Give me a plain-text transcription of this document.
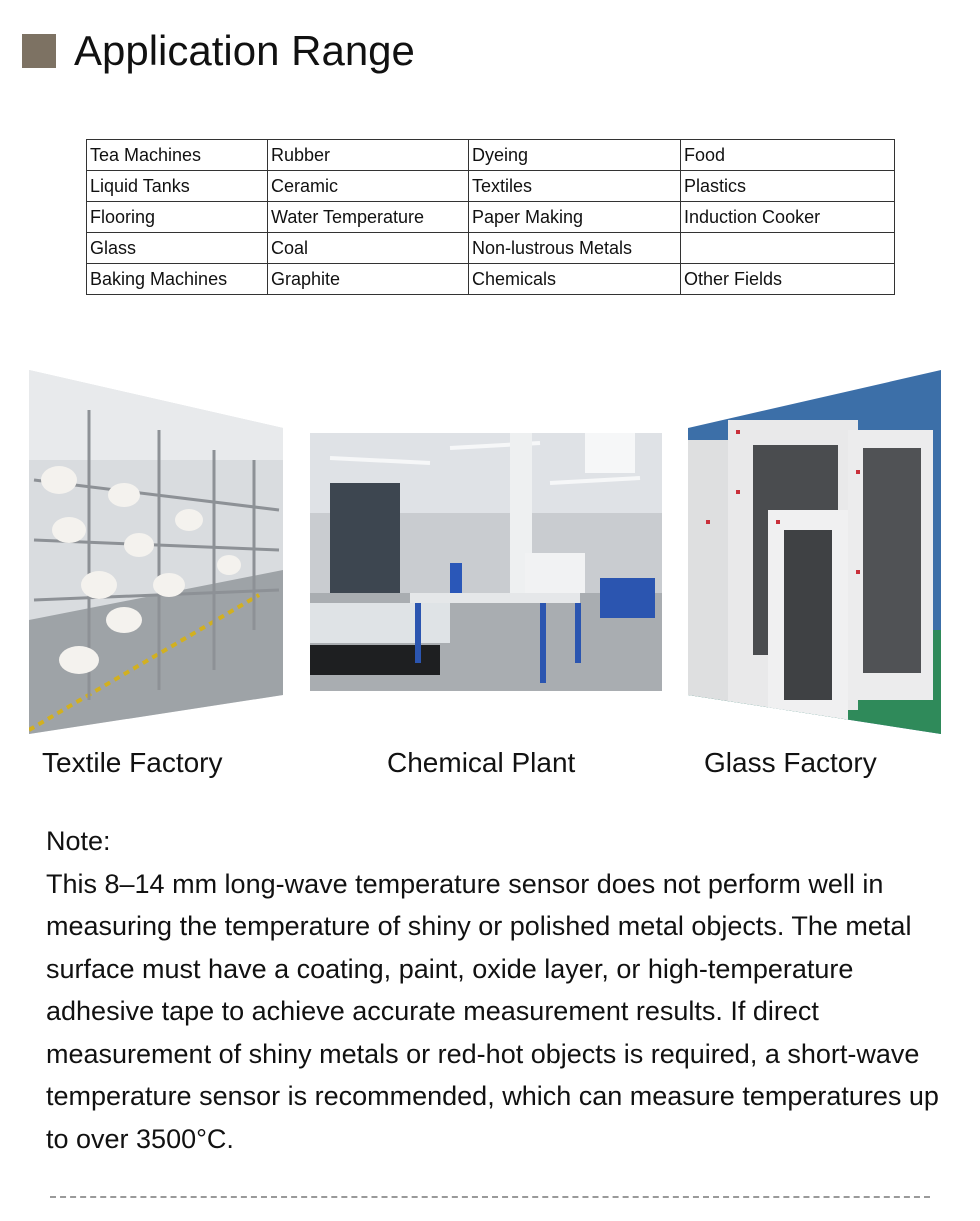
Application Range
Tea Machines	Rubber	Dyeing	Food
Liquid Tanks	Ceramic	Textiles	Plastics
Flooring	Water Temperature	Paper Making	Induction Cooker
Glass	Coal	Non-lustrous Metals	
Baking Machines	Graphite	Chemicals	Other Fields
Textile Factory	Chemical Plant	Glass Factory

Note:

This 8–14 mm long-wave temperature sensor does not perform well in measuring the temperature of shiny or polished metal objects. The metal surface must have a coating, paint, oxide layer, or high-temperature adhesive tape to achieve accurate measurement results. If direct measurement of shiny metals or red-hot objects is required, a short-wave temperature sensor is recommended, which can measure temperatures up to over 3500°C.
